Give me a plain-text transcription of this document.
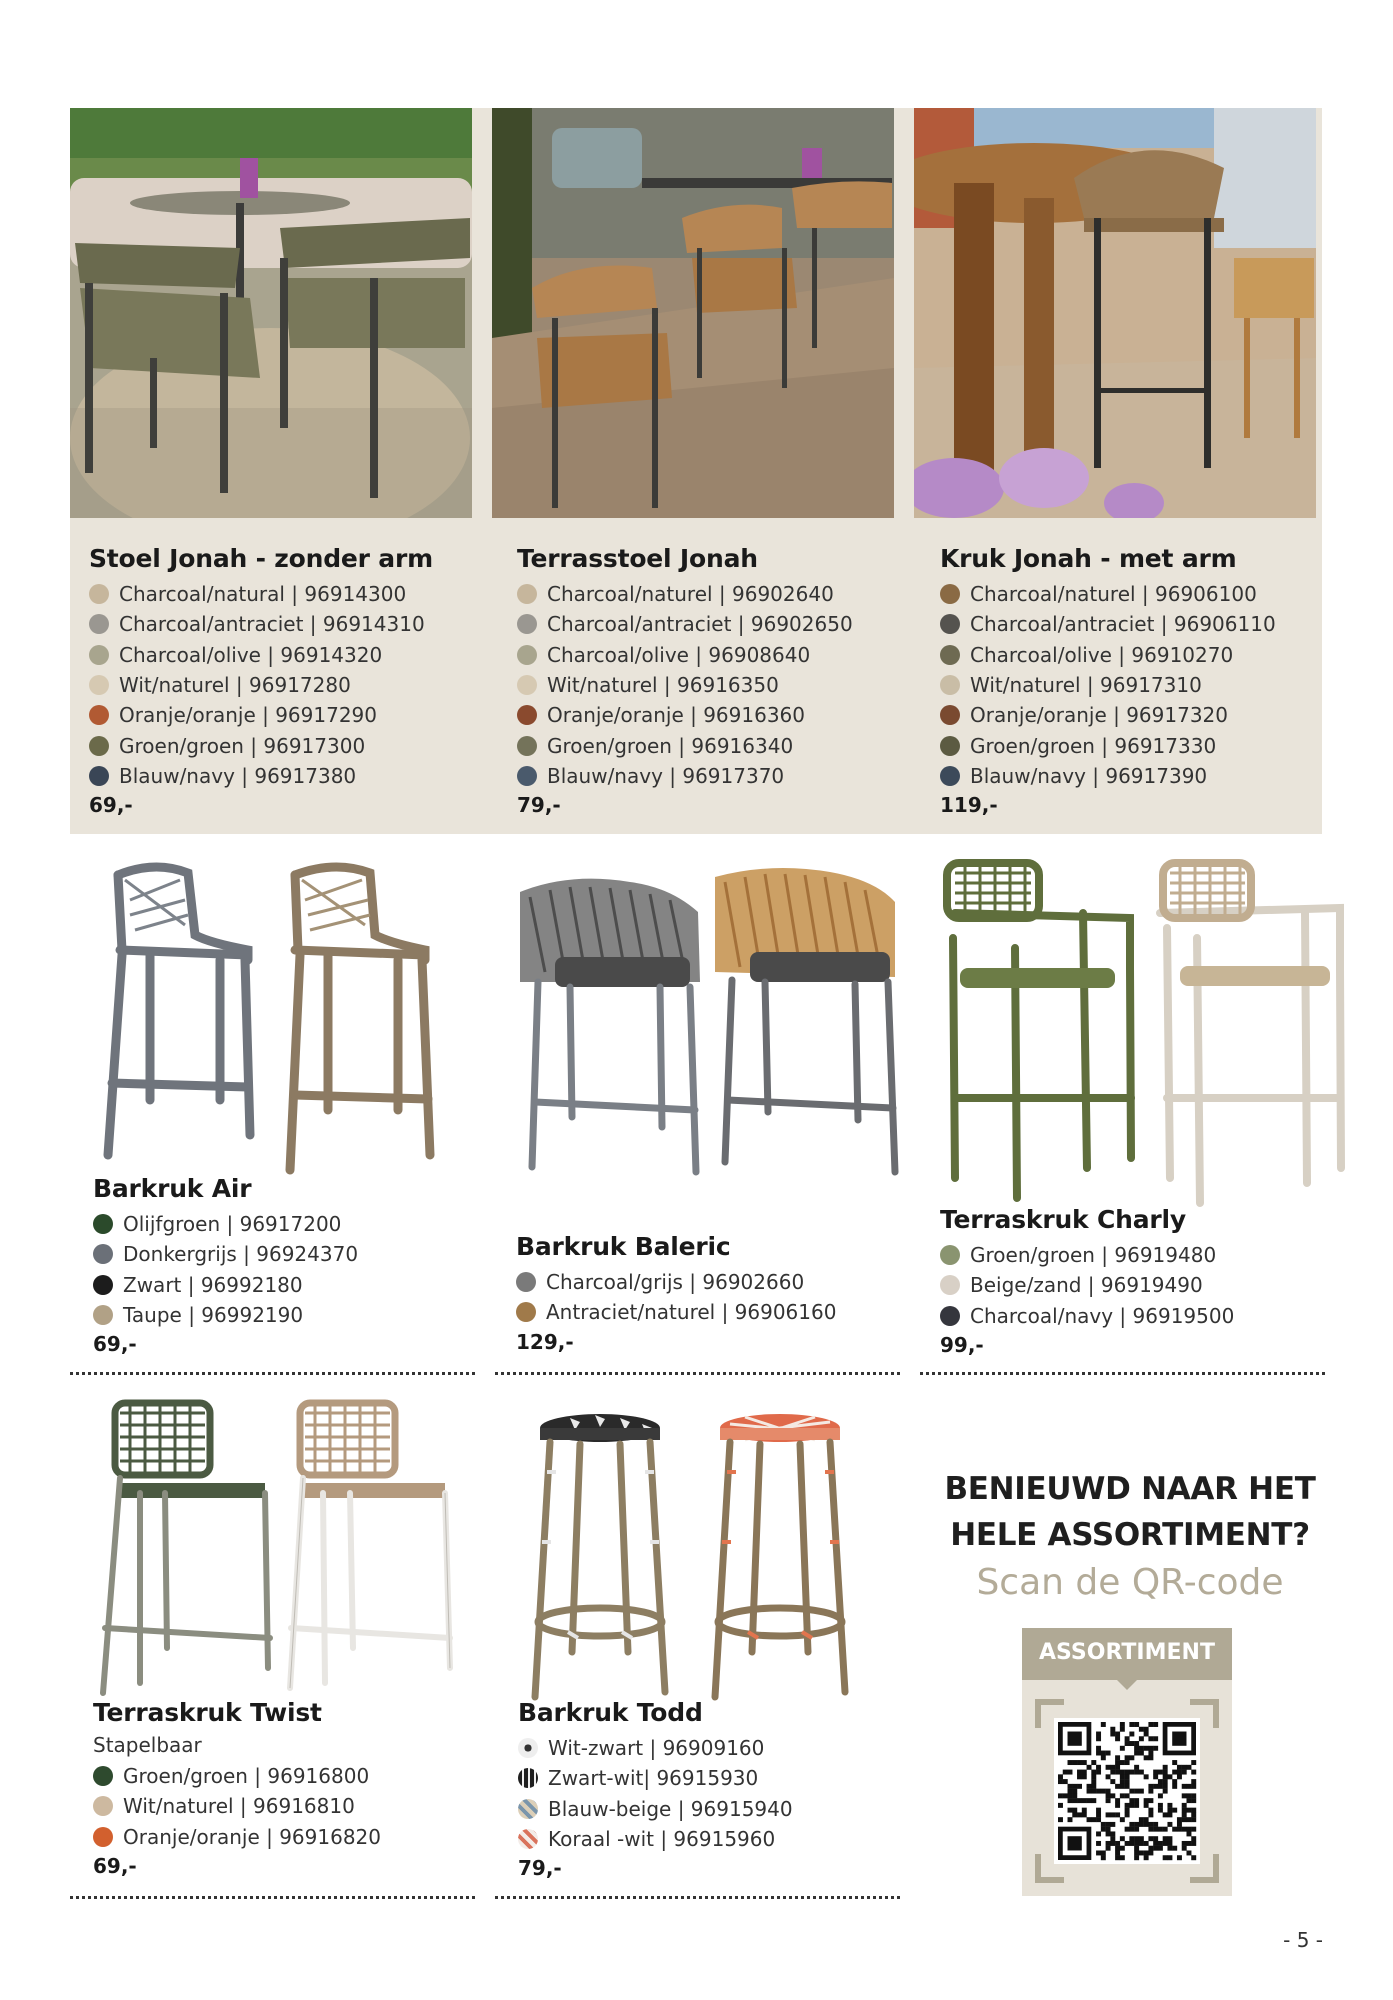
Stoel Jonah - zonder arm
Charcoal/natural | 96914300
Charcoal/antraciet | 96914310
Charcoal/olive | 96914320
Wit/naturel | 96917280
Oranje/oranje | 96917290
Groen/groen | 96917300
Blauw/navy | 96917380
69,-
Terrasstoel Jonah
Charcoal/naturel | 96902640
Charcoal/antraciet | 96902650
Charcoal/olive | 96908640
Wit/naturel | 96916350
Oranje/oranje | 96916360
Groen/groen | 96916340
Blauw/navy | 96917370
79,-
Kruk Jonah - met arm
Charcoal/naturel | 96906100
Charcoal/antraciet | 96906110
Charcoal/olive | 96910270
Wit/naturel | 96917310
Oranje/oranje | 96917320
Groen/groen | 96917330
Blauw/navy | 96917390
119,-
Barkruk Air
Olijfgroen | 96917200
Donkergrijs | 96924370
Zwart | 96992180
Taupe | 96992190
69,-
Barkruk Baleric
Charcoal/grijs | 96902660
Antraciet/naturel | 96906160
129,-
Terraskruk Charly
Groen/groen | 96919480
Beige/zand | 96919490
Charcoal/navy | 96919500
99,-
Terraskruk Twist
Stapelbaar
Groen/groen | 96916800
Wit/naturel | 96916810
Oranje/oranje | 96916820
69,-
Barkruk Todd
Wit-zwart | 96909160
Zwart-wit| 96915930
Blauw-beige | 96915940
Koraal -wit | 96915960
79,-
BENIEUWD NAAR HET
HELE ASSORTIMENT?
Scan de QR-code
ASSORTIMENT
- 5 -
